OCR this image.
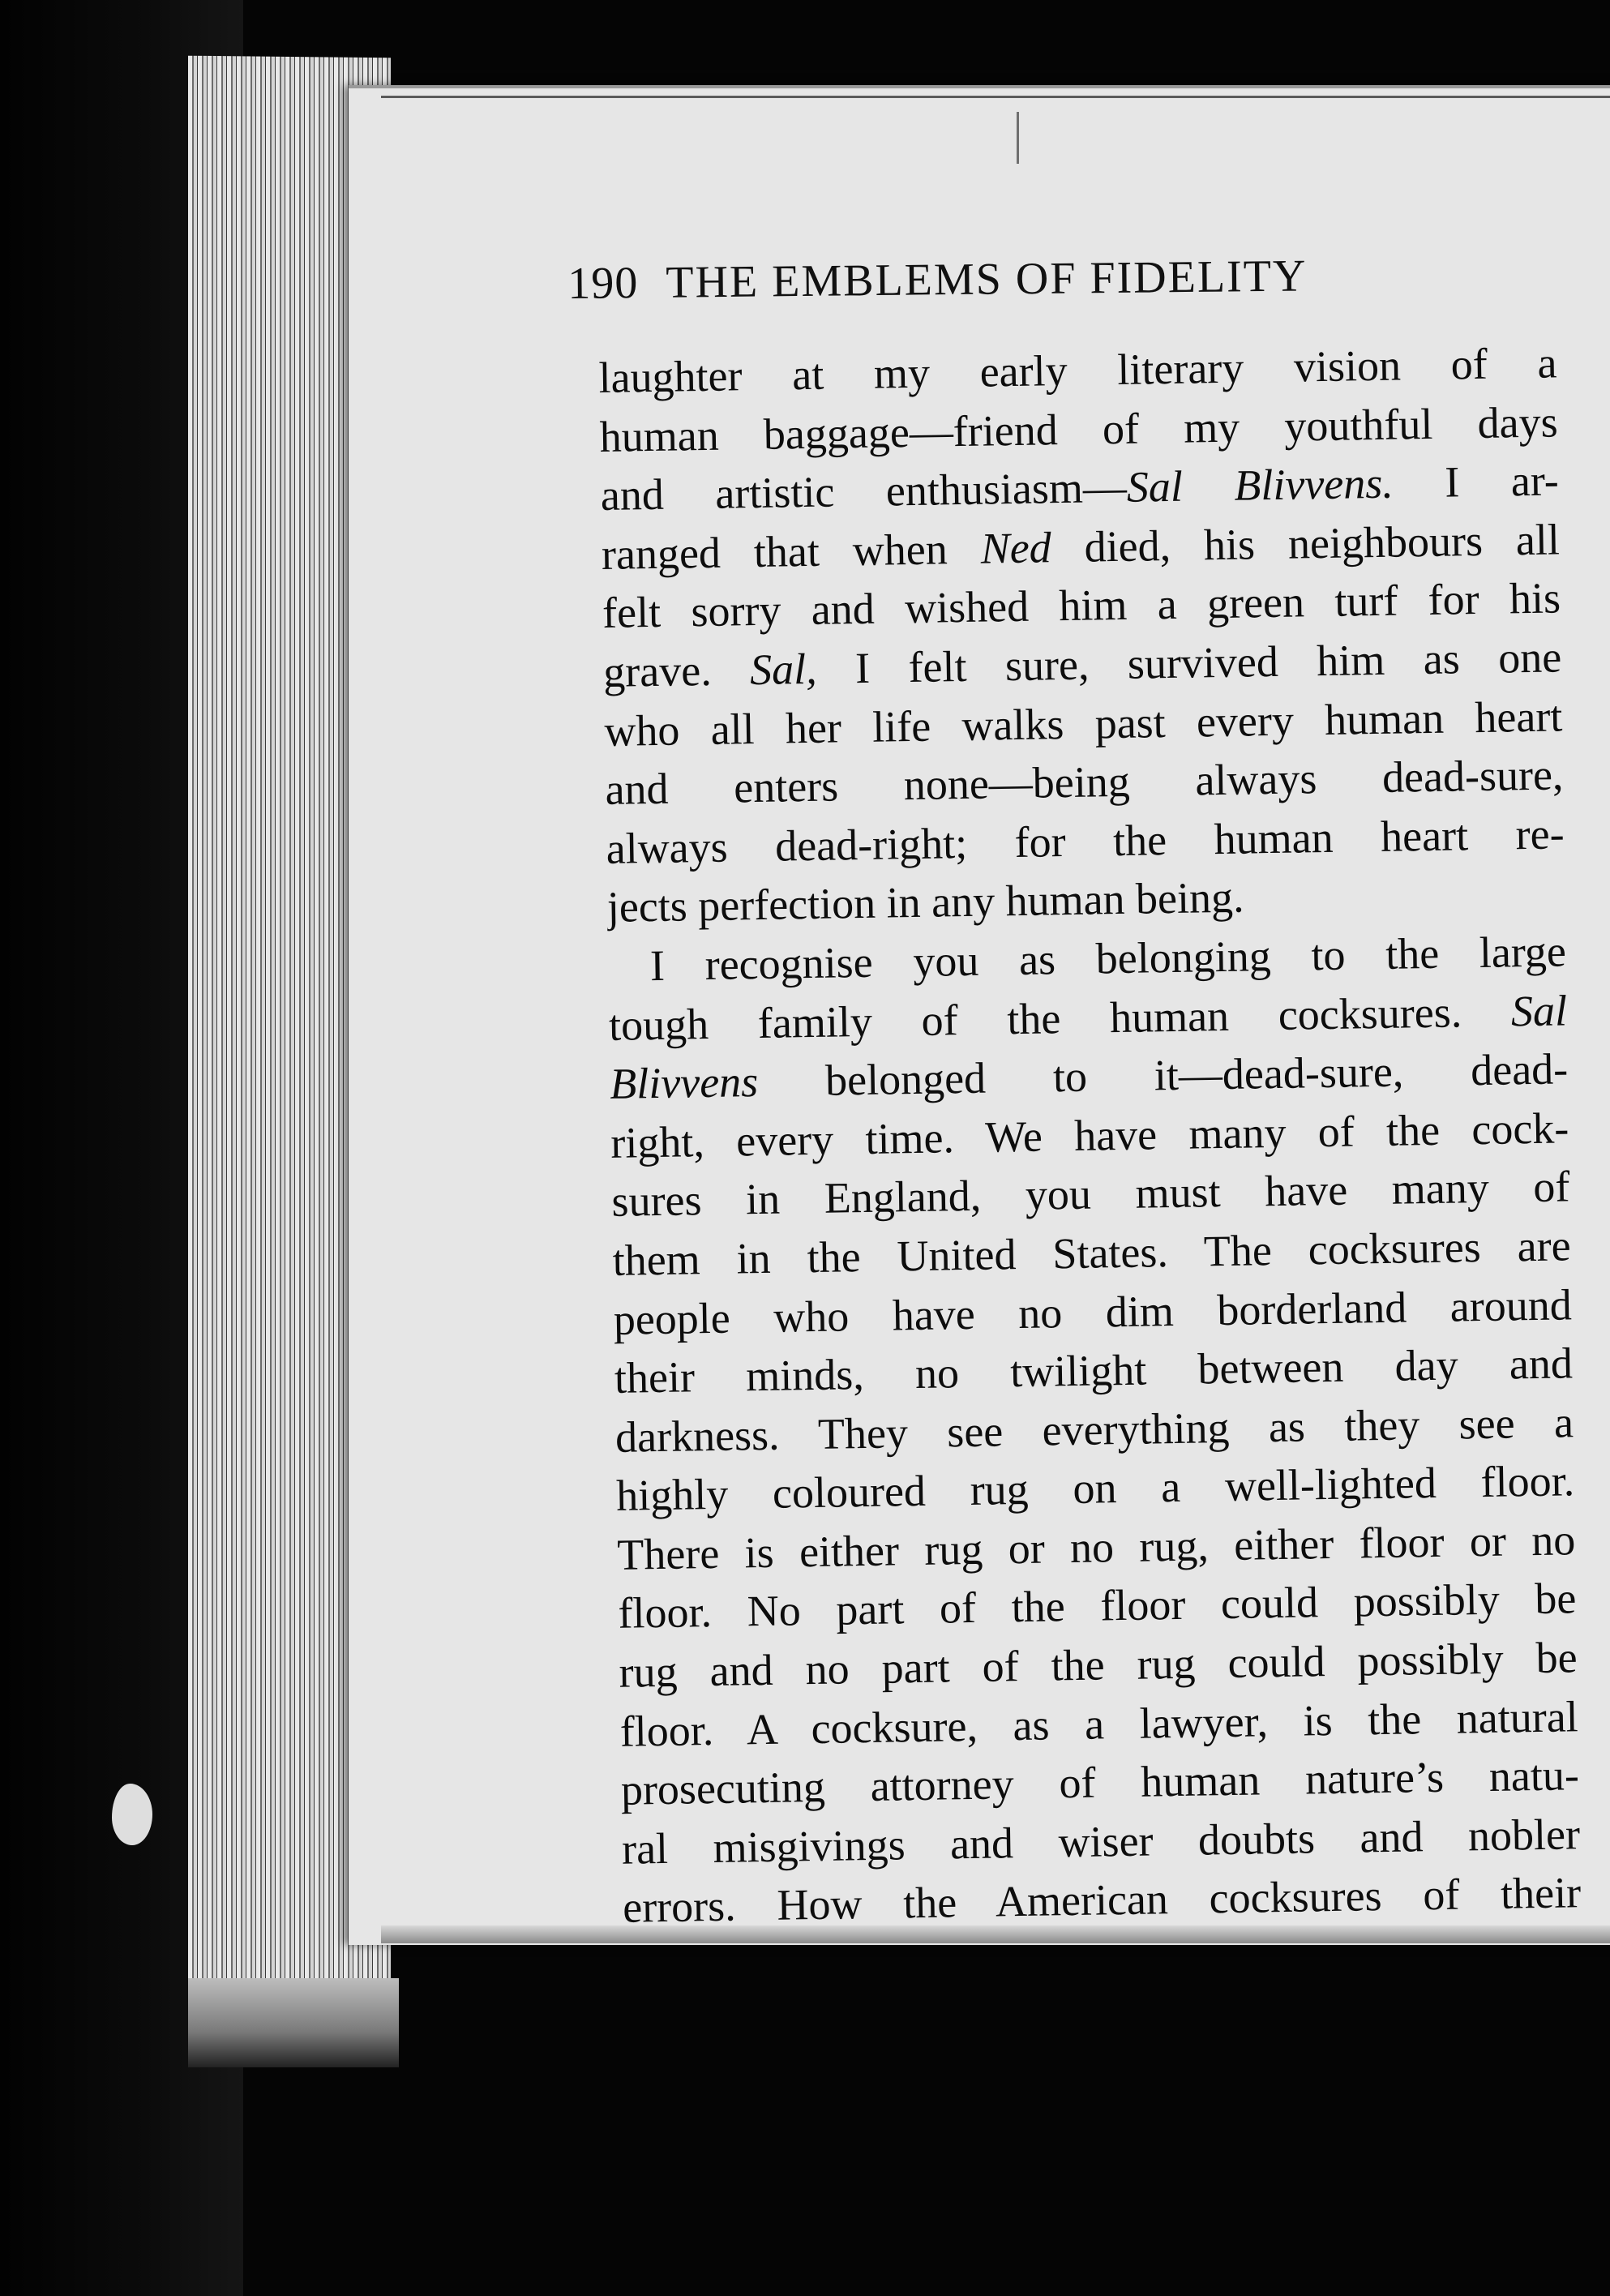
190 THE EMBLEMS OF FIDELITY
laughter at my early literary vision of a
human baggage—friend of my youthful days
and artistic enthusiasm—Sal Blivvens. I ar-
ranged that when Ned died, his neighbours all
felt sorry and wished him a green turf for his
grave. Sal, I felt sure, survived him as one
who all her life walks past every human heart
and enters none—being always dead-sure,
always dead-right; for the human heart re-
jects perfection in any human being.
I recognise you as belonging to the large
tough family of the human cocksures. Sal
Blivvens belonged to it—dead-sure, dead-
right, every time. We have many of the cock-
sures in England, you must have many of
them in the United States. The cocksures are
people who have no dim borderland around
their minds, no twilight between day and
darkness. They see everything as they see a
highly coloured rug on a well-lighted floor.
There is either rug or no rug, either floor or no
floor. No part of the floor could possibly be
rug and no part of the rug could possibly be
floor. A cocksure, as a lawyer, is the natural
prosecuting attorney of human nature’s natu-
ral misgivings and wiser doubts and nobler
errors. How the American cocksures of their
